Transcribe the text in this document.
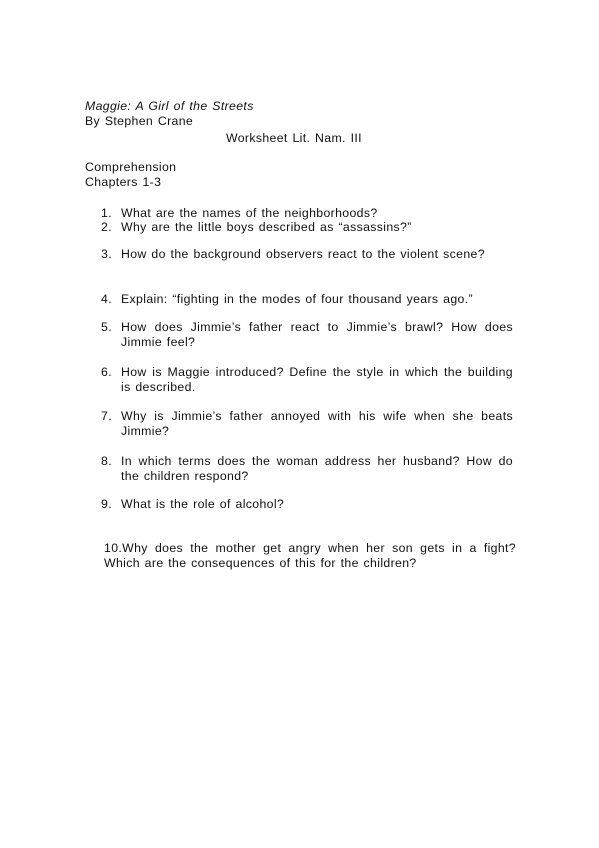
Maggie: A Girl of the Streets
By Stephen Crane
Worksheet Lit. Nam. III
Comprehension
Chapters 1-3
1. What are the names of the neighborhoods?
2. Why are the little boys described as “assassins?”
3. How do the background observers react to the violent scene?
4. Explain: “fighting in the modes of four thousand years ago.”
5. How does Jimmie’s father react to Jimmie’s brawl? How does Jimmie feel?
6. How is Maggie introduced? Define the style in which the building is described.
7. Why is Jimmie’s father annoyed with his wife when she beats Jimmie?
8. In which terms does the woman address her husband? How do the children respond?
9. What is the role of alcohol?
10.Why does the mother get angry when her son gets in a fight? Which are the consequences of this for the children?
